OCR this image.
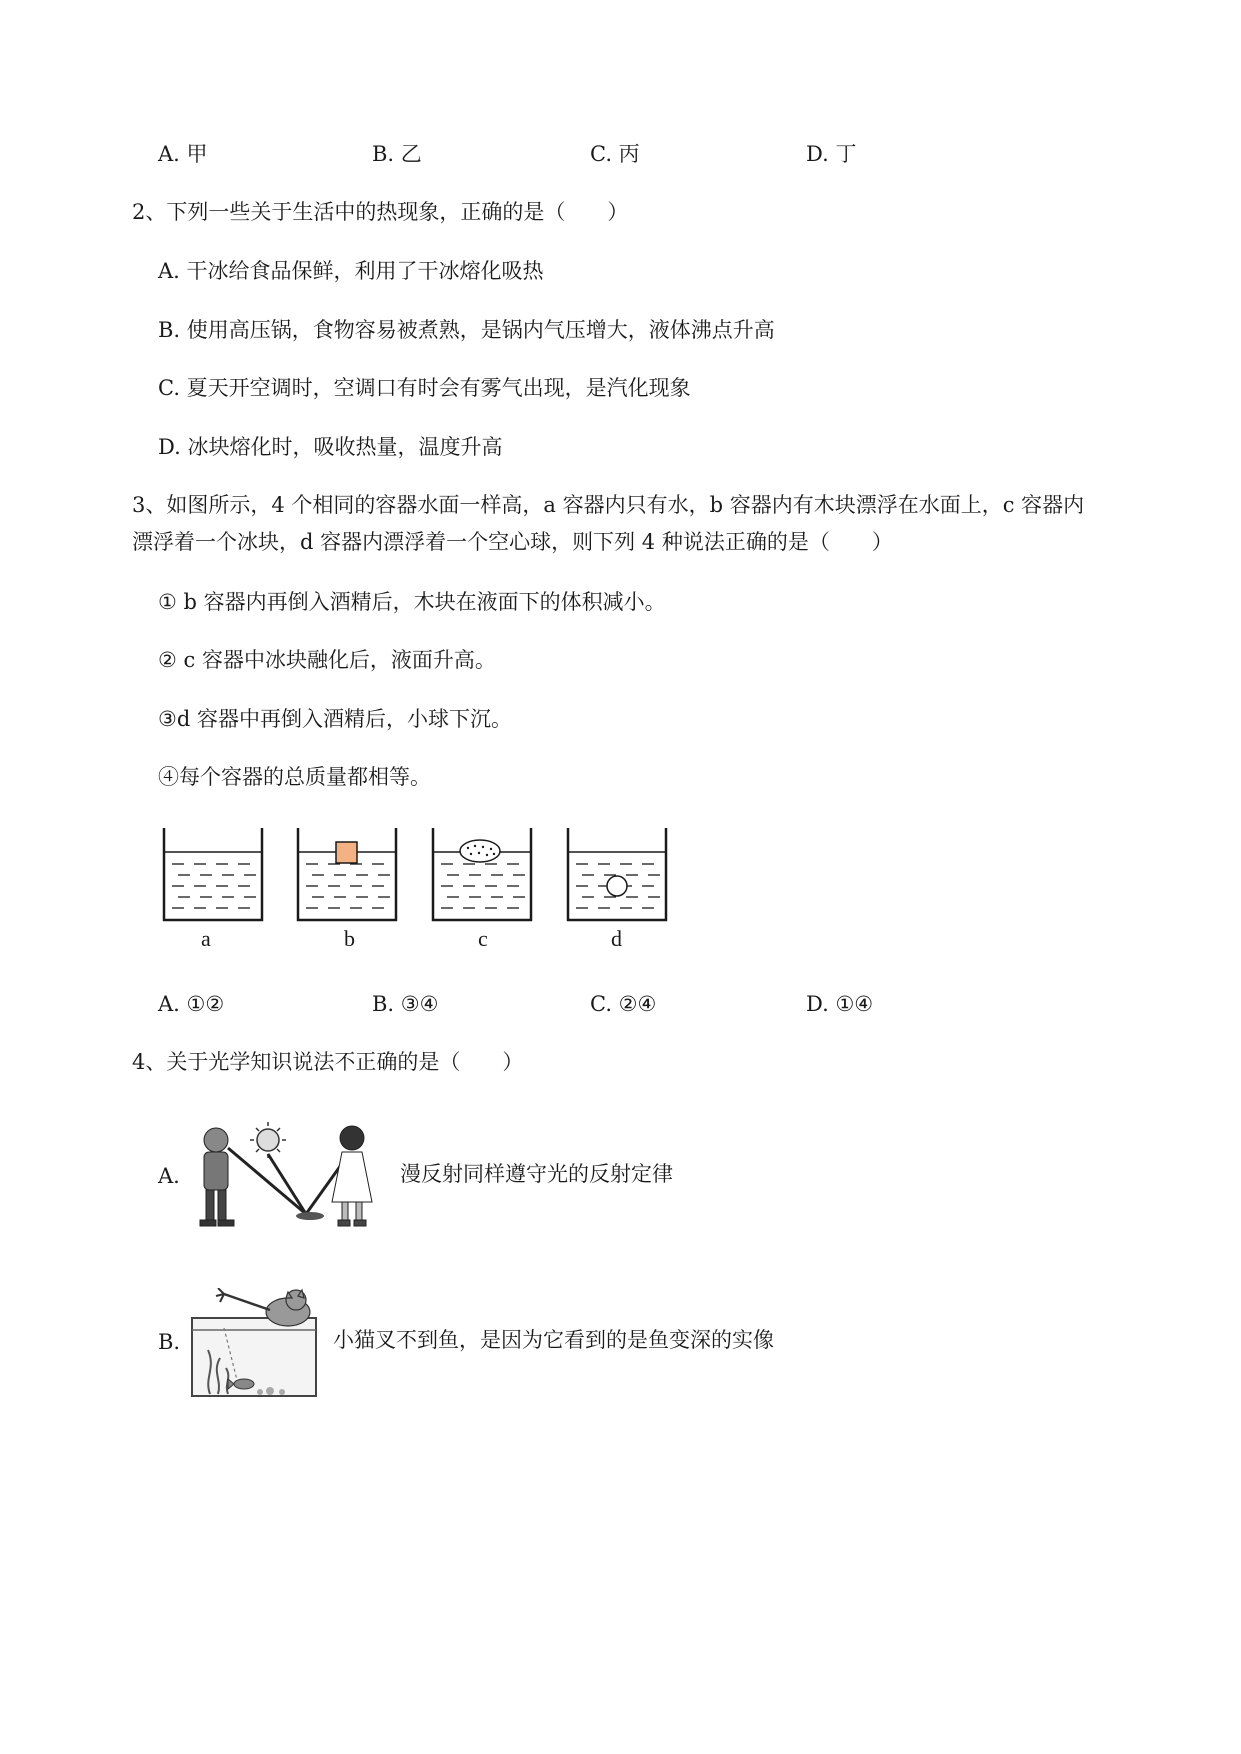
A. 甲	B. 乙	C. 丙	D. 丁
2、下列一些关于生活中的热现象，正确的是（　　）
A. 干冰给食品保鲜，利用了干冰熔化吸热
B. 使用高压锅，食物容易被煮熟，是锅内气压增大，液体沸点升高
C. 夏天开空调时，空调口有时会有雾气出现，是汽化现象
D. 冰块熔化时，吸收热量，温度升高
3、如图所示，4 个相同的容器水面一样高，a 容器内只有水，b 容器内有木块漂浮在水面上，c 容器内
漂浮着一个冰块，d 容器内漂浮着一个空心球，则下列 4 种说法正确的是（　　）
① b 容器内再倒入酒精后，木块在液面下的体积减小。
② c 容器中冰块融化后，液面升高。
③d 容器中再倒入酒精后，小球下沉。
④每个容器的总质量都相等。
a	b	c	d
A. ①②	B. ③④	C. ②④	D. ①④
4、关于光学知识说法不正确的是（　　）
A.	漫反射同样遵守光的反射定律
B.	小猫叉不到鱼，是因为它看到的是鱼变深的实像
